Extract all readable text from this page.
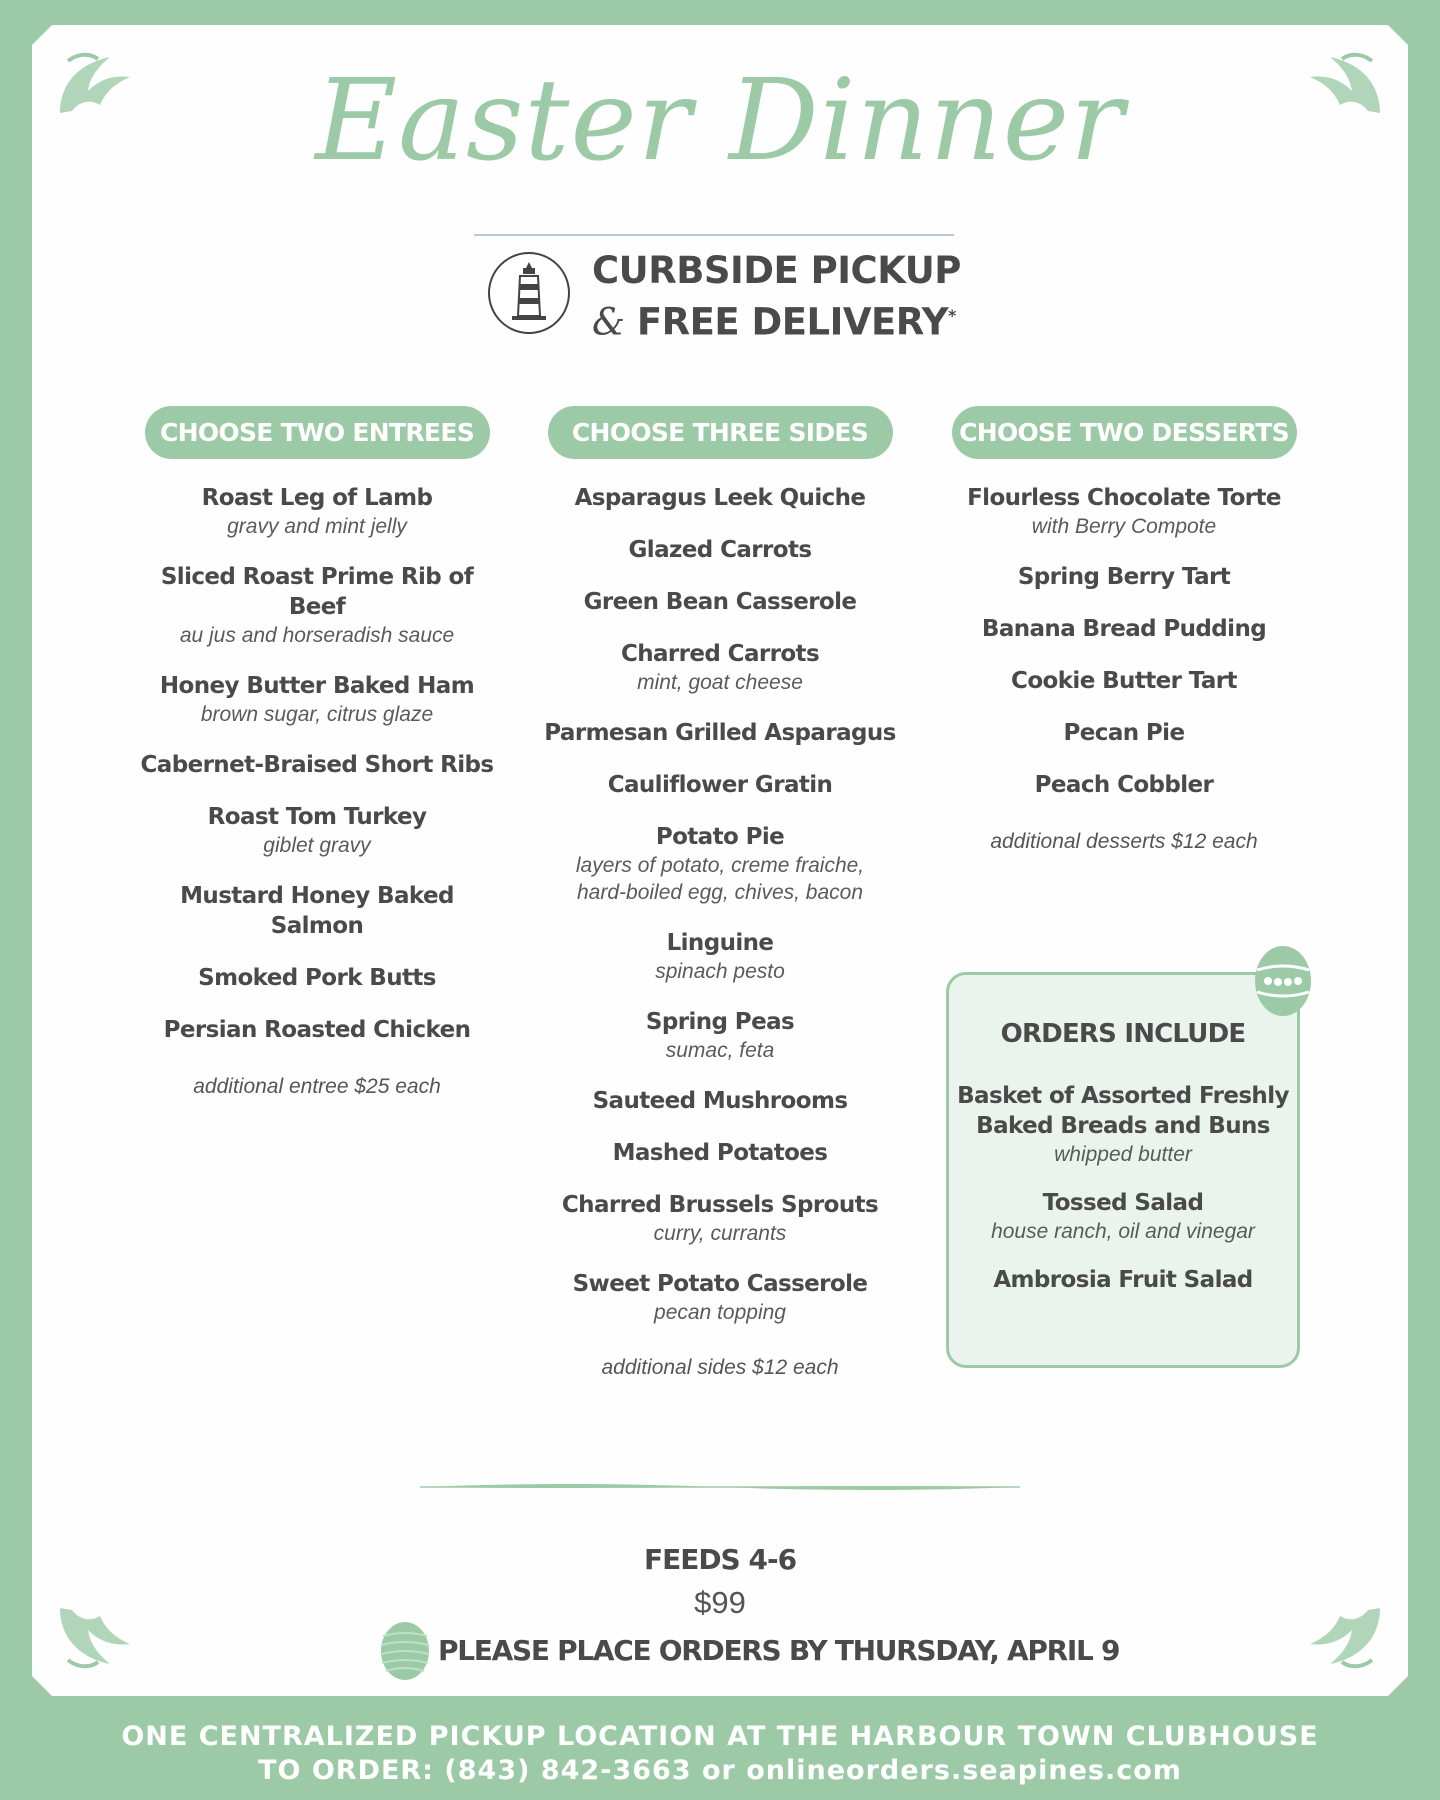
Easter Dinner
CURBSIDE PICKUP
& FREE DELIVERY*
CHOOSE TWO ENTREES
Roast Leg of Lamb
gravy and mint jelly
Sliced Roast Prime Rib of Beef
au jus and horseradish sauce
Honey Butter Baked Ham
brown sugar, citrus glaze
Cabernet-Braised Short Ribs
Roast Tom Turkey
giblet gravy
Mustard Honey Baked Salmon
Smoked Pork Butts
Persian Roasted Chicken
additional entree $25 each
CHOOSE THREE SIDES
Asparagus Leek Quiche
Glazed Carrots
Green Bean Casserole
Charred Carrots
mint, goat cheese
Parmesan Grilled Asparagus
Cauliflower Gratin
Potato Pie
layers of potato, creme fraiche,
hard-boiled egg, chives, bacon
Linguine
spinach pesto
Spring Peas
sumac, feta
Sauteed Mushrooms
Mashed Potatoes
Charred Brussels Sprouts
curry, currants
Sweet Potato Casserole
pecan topping
additional sides $12 each
CHOOSE TWO DESSERTS
Flourless Chocolate Torte
with Berry Compote
Spring Berry Tart
Banana Bread Pudding
Cookie Butter Tart
Pecan Pie
Peach Cobbler
additional desserts $12 each
ORDERS INCLUDE
Basket of Assorted Freshly
Baked Breads and Buns
whipped butter
Tossed Salad
house ranch, oil and vinegar
Ambrosia Fruit Salad
FEEDS 4-6
$99
PLEASE PLACE ORDERS BY THURSDAY, APRIL 9
ONE CENTRALIZED PICKUP LOCATION AT THE HARBOUR TOWN CLUBHOUSE
TO ORDER: (843) 842-3663 or onlineorders.seapines.com
